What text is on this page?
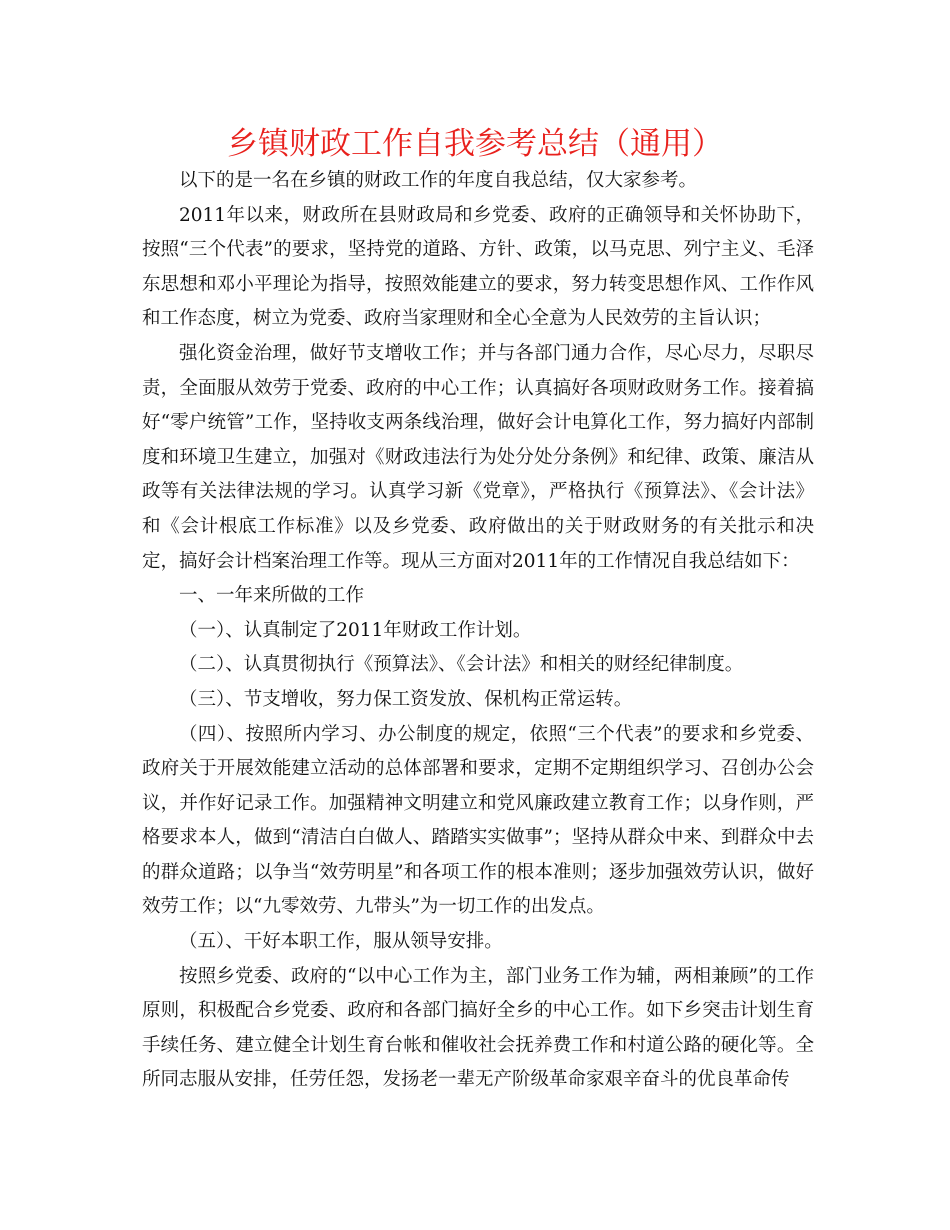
乡镇财政工作自我参考总结（通用）

以下的是一名在乡镇的财政工作的年度自我总结，仅大家参考。

2011年以来，财政所在县财政局和乡党委、政府的正确领导和关怀协助下，按照“三个代表”的要求，坚持党的道路、方针、政策，以马克思、列宁主义、毛泽东思想和邓小平理论为指导，按照效能建立的要求，努力转变思想作风、工作作风和工作态度，树立为党委、政府当家理财和全心全意为人民效劳的主旨认识；

强化资金治理，做好节支增收工作；并与各部门通力合作，尽心尽力，尽职尽责，全面服从效劳于党委、政府的中心工作；认真搞好各项财政财务工作。接着搞好“零户统管”工作，坚持收支两条线治理，做好会计电算化工作，努力搞好内部制度和环境卫生建立，加强对《财政违法行为处分处分条例》和纪律、政策、廉洁从政等有关法律法规的学习。认真学习新《党章》，严格执行《预算法》、《会计法》和《会计根底工作标准》以及乡党委、政府做出的关于财政财务的有关批示和决定，搞好会计档案治理工作等。现从三方面对2011年的工作情况自我总结如下：

一、一年来所做的工作

（一）、认真制定了2011年财政工作计划。

（二）、认真贯彻执行《预算法》、《会计法》和相关的财经纪律制度。

（三）、节支增收，努力保工资发放、保机构正常运转。

（四）、按照所内学习、办公制度的规定，依照“三个代表”的要求和乡党委、政府关于开展效能建立活动的总体部署和要求，定期不定期组织学习、召创办公会议，并作好记录工作。加强精神文明建立和党风廉政建立教育工作；以身作则，严格要求本人，做到“清洁白白做人、踏踏实实做事”；坚持从群众中来、到群众中去的群众道路；以争当“效劳明星”和各项工作的根本准则；逐步加强效劳认识，做好效劳工作；以“九零效劳、九带头”为一切工作的出发点。

（五）、干好本职工作，服从领导安排。

按照乡党委、政府的“以中心工作为主，部门业务工作为辅，两相兼顾”的工作原则，积极配合乡党委、政府和各部门搞好全乡的中心工作。如下乡突击计划生育手续任务、建立健全计划生育台帐和催收社会抚养费工作和村道公路的硬化等。全所同志服从安排，任劳任怨，发扬老一辈无产阶级革命家艰辛奋斗的优良革命传
